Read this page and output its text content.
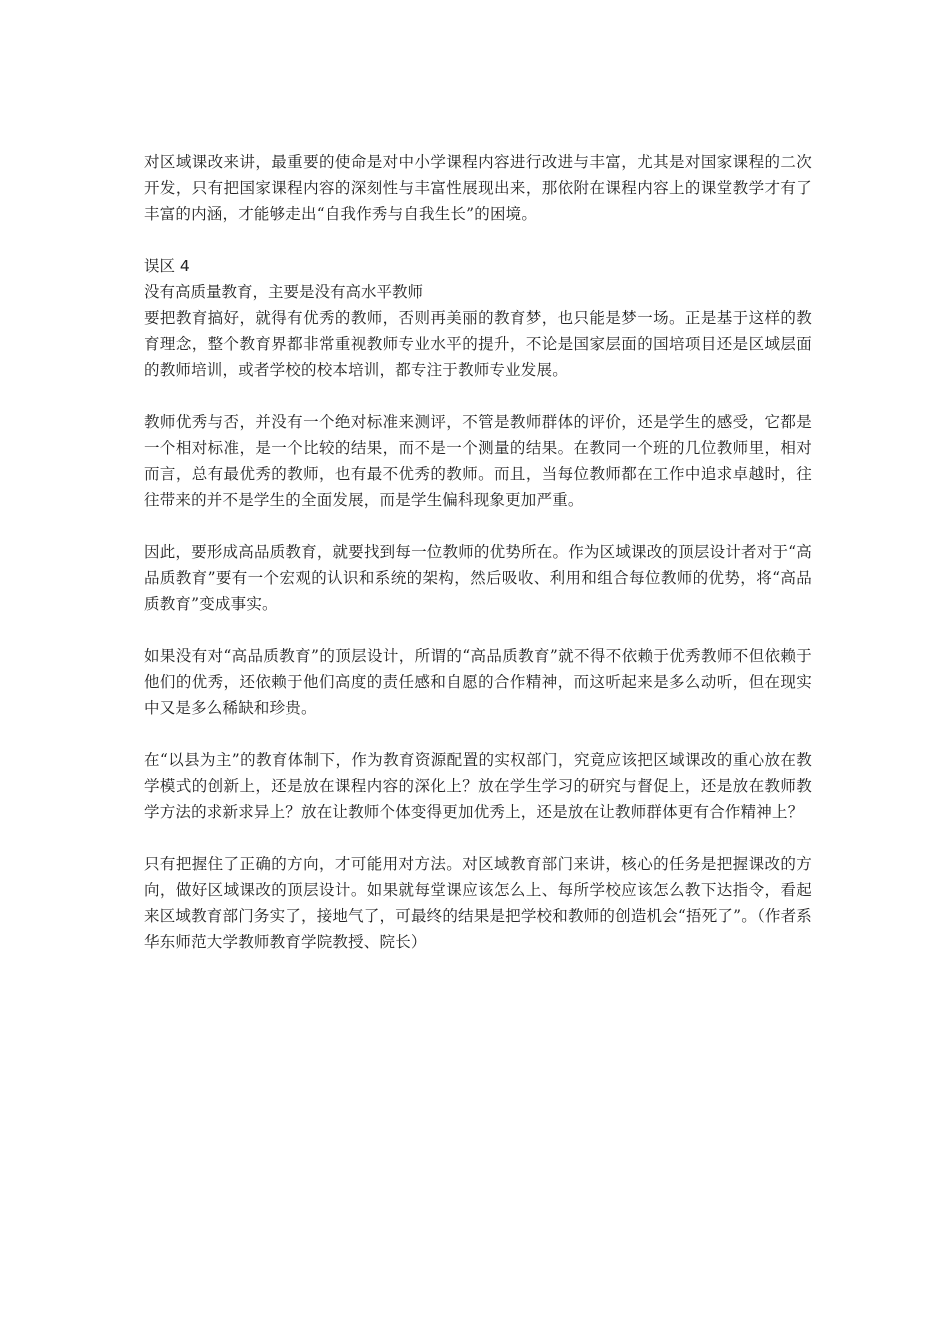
对区域课改来讲，最重要的使命是对中小学课程内容进行改进与丰富，尤其是对国家课程的二次开发，只有把国家课程内容的深刻性与丰富性展现出来，那依附在课程内容上的课堂教学才有了丰富的内涵，才能够走出“自我作秀与自我生长”的困境。

误区 4

没有高质量教育，主要是没有高水平教师

要把教育搞好，就得有优秀的教师，否则再美丽的教育梦，也只能是梦一场。正是基于这样的教育理念，整个教育界都非常重视教师专业水平的提升，不论是国家层面的国培项目还是区域层面的教师培训，或者学校的校本培训，都专注于教师专业发展。

教师优秀与否，并没有一个绝对标准来测评，不管是教师群体的评价，还是学生的感受，它都是一个相对标准，是一个比较的结果，而不是一个测量的结果。在教同一个班的几位教师里，相对而言，总有最优秀的教师，也有最不优秀的教师。而且，当每位教师都在工作中追求卓越时，往往带来的并不是学生的全面发展，而是学生偏科现象更加严重。

因此，要形成高品质教育，就要找到每一位教师的优势所在。作为区域课改的顶层设计者对于“高品质教育”要有一个宏观的认识和系统的架构，然后吸收、利用和组合每位教师的优势，将“高品质教育”变成事实。

如果没有对“高品质教育”的顶层设计，所谓的“高品质教育”就不得不依赖于优秀教师不但依赖于他们的优秀，还依赖于他们高度的责任感和自愿的合作精神，而这听起来是多么动听，但在现实中又是多么稀缺和珍贵。

在“以县为主”的教育体制下，作为教育资源配置的实权部门，究竟应该把区域课改的重心放在教学模式的创新上，还是放在课程内容的深化上？放在学生学习的研究与督促上，还是放在教师教学方法的求新求异上？放在让教师个体变得更加优秀上，还是放在让教师群体更有合作精神上？

只有把握住了正确的方向，才可能用对方法。对区域教育部门来讲，核心的任务是把握课改的方向，做好区域课改的顶层设计。如果就每堂课应该怎么上、每所学校应该怎么教下达指令，看起来区域教育部门务实了，接地气了，可最终的结果是把学校和教师的创造机会“捂死了”。（作者系华东师范大学教师教育学院教授、院长）
